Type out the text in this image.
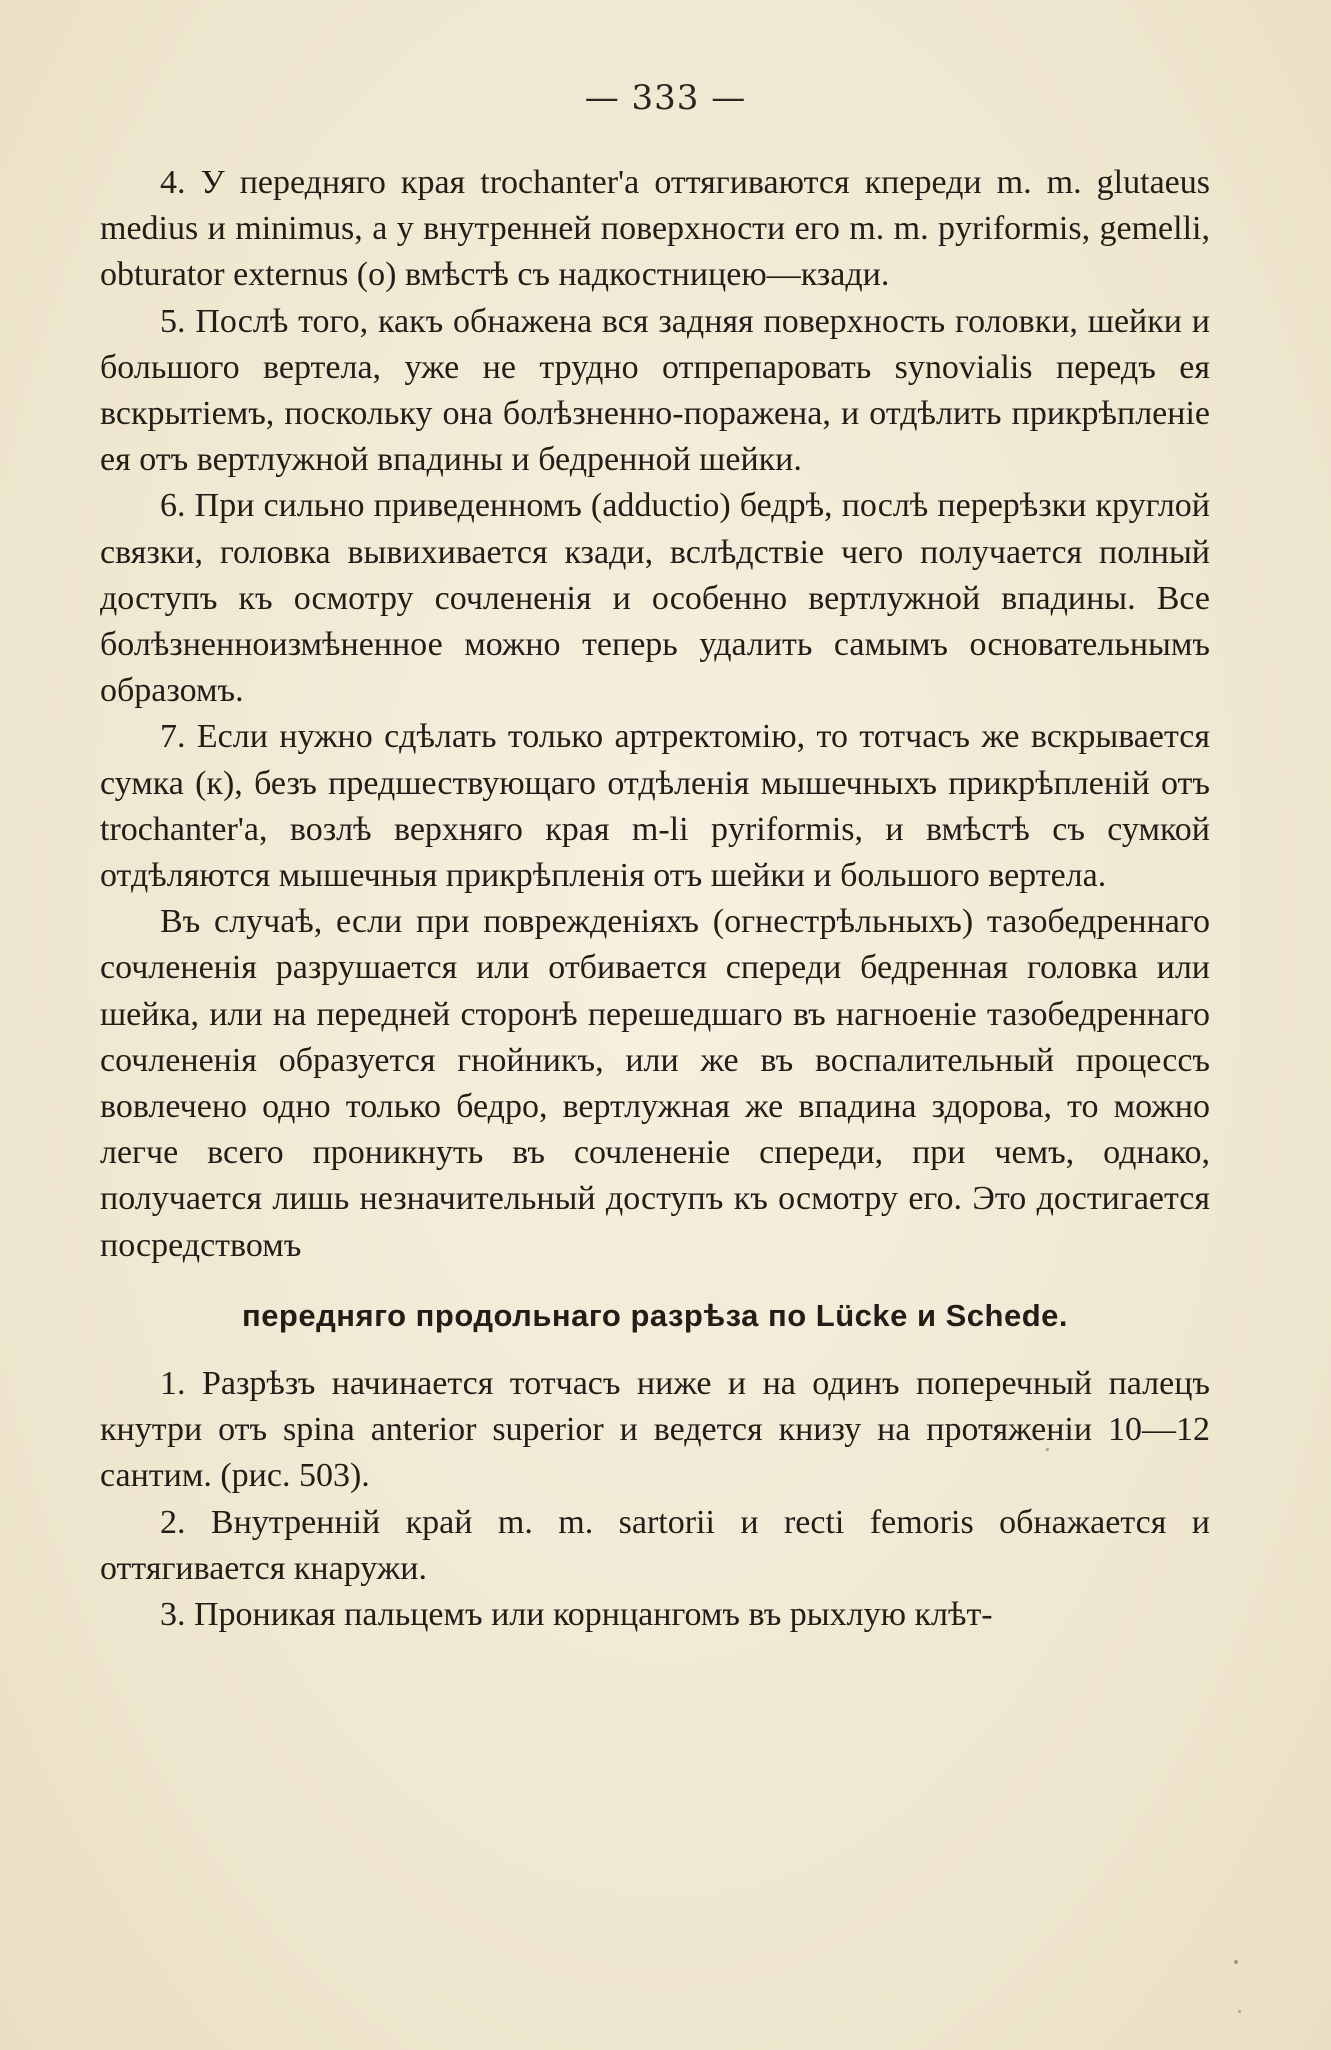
— 333 —

4. У передняго края trochanter'a оттягиваются кпереди m. m. glutaeus medius и minimus, а у внутренней поверхности его m. m. pyriformis, gemelli, obturator externus (o) вмѣстѣ съ надкостницею—кзади.

5. Послѣ того, какъ обнажена вся задняя поверхность головки, шейки и большого вертела, уже не трудно отпрепаровать synovialis передъ ея вскрытiемъ, поскольку она болѣзненно-поражена, и отдѣлить прикрѣпленiе ея отъ вертлужной впадины и бедренной шейки.

6. При сильно приведенномъ (adductio) бедрѣ, послѣ перерѣзки круглой связки, головка вывихивается кзади, вслѣдствiе чего получается полный доступъ къ осмотру сочлененiя и особенно вертлужной впадины. Все болѣзненноизмѣненное можно теперь удалить самымъ основательнымъ образомъ.

7. Если нужно сдѣлать только артректомiю, то тотчасъ же вскрывается сумка (к), безъ предшествующаго отдѣленiя мышечныхъ прикрѣпленiй отъ trochanter'a, возлѣ верхняго края m-li pyriformis, и вмѣстѣ съ сумкой отдѣляются мышечныя прикрѣпленiя отъ шейки и большого вертела.

Въ случаѣ, если при поврежденiяхъ (огнестрѣльныхъ) тазобедреннаго сочлененiя разрушается или отбивается спереди бедренная головка или шейка, или на передней сторонѣ перешедшаго въ нагноенiе тазобедреннаго сочлененiя образуется гнойникъ, или же въ воспалительный процессъ вовлечено одно только бедро, вертлужная же впадина здорова, то можно легче всего проникнуть въ сочлененiе спереди, при чемъ, однако, получается лишь незначительный доступъ къ осмотру его. Это достигается посредствомъ

передняго продольнаго разрѣза по Lücke и Schede.

1. Разрѣзъ начинается тотчасъ ниже и на одинъ поперечный палецъ кнутри отъ spina anterior superior и ведется книзу на протяженiи 10—12 сантим. (рис. 503).

2. Внутреннiй край m. m. sartorii и recti femoris обнажается и оттягивается кнаружи.

3. Проникая пальцемъ или корнцангомъ въ рыхлую клѣт-
